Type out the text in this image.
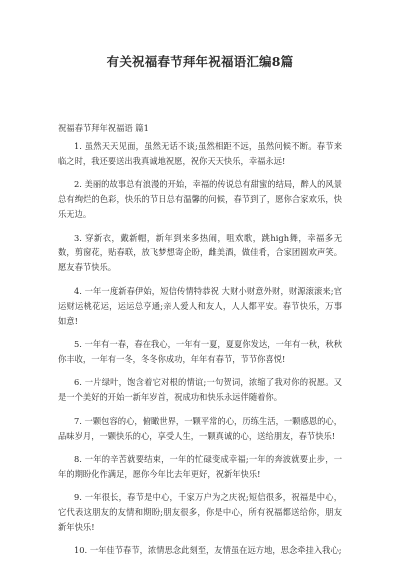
有关祝福春节拜年祝福语汇编8篇
祝福春节拜年祝福语 篇1

1. 虽然天天见面，虽然无话不谈;虽然相距不远，虽然问候不断。春节来临之时，我还要送出我真诚地祝愿，祝你天天快乐，幸福永远!

2. 美丽的故事总有浪漫的开始，幸福的传说总有甜蜜的结局，醉人的风景总有绚烂的色彩，快乐的节日总有温馨的问候，春节到了，愿你合家欢乐，快乐无边。

3. 穿新衣，戴新帽，新年到来多热闹，咀欢歌，跳high舞，幸福多无数，剪窗花，贴春联，放飞梦想寄企盼，雌美酒，做佳肴，合家团圆欢声笑。愿友春节快乐。

4. 一年一度新春伊始，短信传情特恭祝 大财小财意外财，财源滚滚来;官运财运桃花运，运运总亨通;亲人爱人和友人，人人都平安。春节快乐，万事如意!

5. 一年有一春，春在我心，一年有一夏，夏夏你发达，一年有一秋，秋秋你丰收，一年有一冬，冬冬你成功，年年有春节，节节你喜悦!

6. 一片绿叶，饱含着它对根的情谊;一句贺词，浓缩了我对你的祝愿。又是一个美好的开始一新年岁首，祝成功和快乐永远伴随着你。

7. 一颗包容的心，俯瞰世界，一颗平常的心，历练生活，一颗感恩的心，品味岁月，一颗快乐的心，享受人生，一颗真诚的心，送给朋友，春节快乐!

8. 一年的辛苦就要结束，一年的忙碌变成幸福;一年的奔波就要止步，一年的期盼化作满足，愿你今年比去年更好，祝新年快乐!

9. 一年很长，春节是中心，千家万户为之庆祝;短信很多，祝福是中心，它代表这朋友的友情和期盼;朋友很多，你是中心，所有祝福都送给你，朋友新年快乐!

10. 一年佳节春节，浓情思念此刻至，友情虽在远方地，思念牵挂入我心;
